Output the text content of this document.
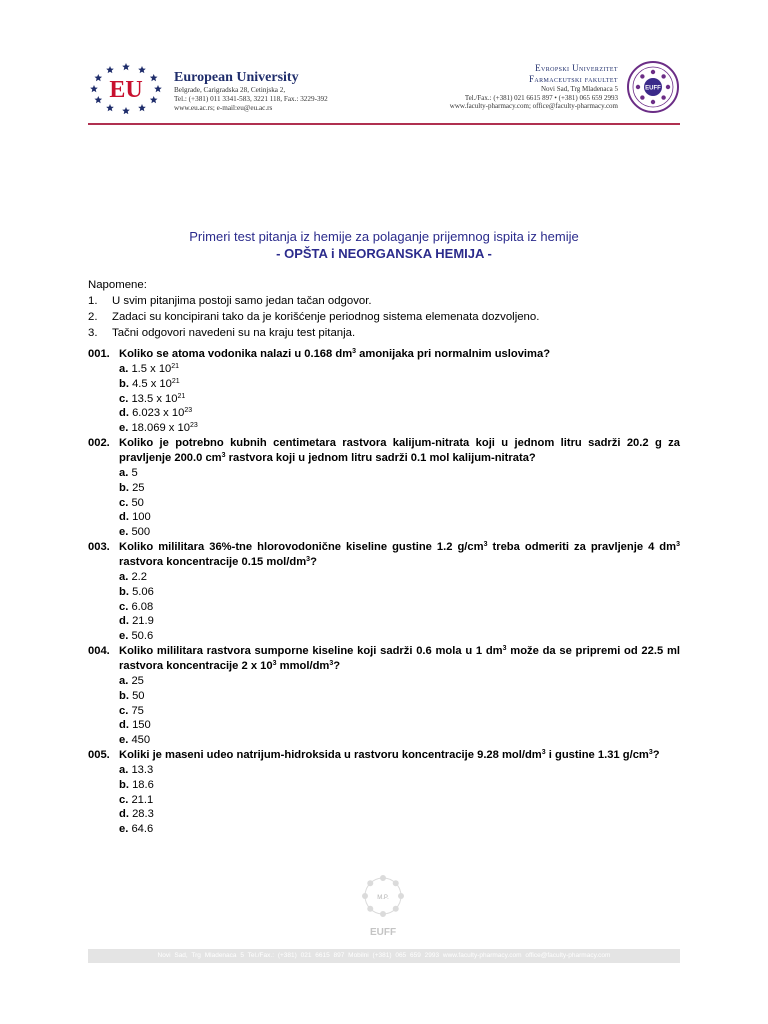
EU European University
Belgrade, Carigradska 28, Cetinjska 2,
Tel.: (+381) 011 3341-583, 3221 118, Fax.: 3229-392
www.eu.ac.rs; e-mail:eu@eu.ac.rs
Evropski Univerzitet
Farmaceutski fakultet
Novi Sad, Trg Mladenaca 5
Tel./Fax.: (+381) 021 6615 897 • (+381) 065 659 2993
www.faculty-pharmacy.com; office@faculty-pharmacy.com
EUFF
Primeri test pitanja iz hemije za polaganje prijemnog ispita iz hemije
- OPŠTA i NEORGANSKA HEMIJA -
Napomene:
1. U svim pitanjima postoji samo jedan tačan odgovor.
2. Zadaci su koncipirani tako da je korišćenje periodnog sistema elemenata dozvoljeno.
3. Tačni odgovori navedeni su na kraju test pitanja.
001. Koliko se atoma vodonika nalazi u 0.168 $dm^3$ amonijaka pri normalnim uslovima?
a. 1.5 x $10^{21}$
b. 4.5 x $10^{21}$
c. 13.5 x $10^{21}$
d. 6.023 x $10^{23}$
e. 18.069 x $10^{23}$
002. Koliko je potrebno kubnih centimetara rastvora kalijum-nitrata koji u jednom litru sadrži 20.2 g za pravljenje 200.0 $cm^3$ rastvora koji u jednom litru sadrži 0.1 mol kalijum-nitrata?
a. 5
b. 25
c. 50
d. 100
e. 500
003. Koliko mililitara 36%-tne hlorovodonične kiseline gustine 1.2 $g/cm^3$ treba odmeriti za pravljenje 4 $dm^3$ rastvora koncentracije 0.15 mol/$dm^3$?
a. 2.2
b. 5.06
c. 6.08
d. 21.9
e. 50.6
004. Koliko mililitara rastvora sumporne kiseline koji sadrži 0.6 mola u 1 $dm^3$ može da se pripremi od 22.5 ml rastvora koncentracije 2 x $10^3$ mmol/$dm^3$?
a. 25
b. 50
c. 75
d. 150
e. 450
005. Koliki je maseni udeo natrijum-hidroksida u rastvoru koncentracije 9.28 mol/$dm^3$ i gustine 1.31 $g/cm^3$?
a. 13.3
b. 18.6
c. 21.1
d. 28.3
e. 64.6
M.P.
EUFF
Novi Sad, Trg Mladenaca 5 Tel./Fax.: (+381) 021 6615 897 Mobilni (+381) 065 659 2993 www.faculty-pharmacy.com office@faculty-pharmacy.com
